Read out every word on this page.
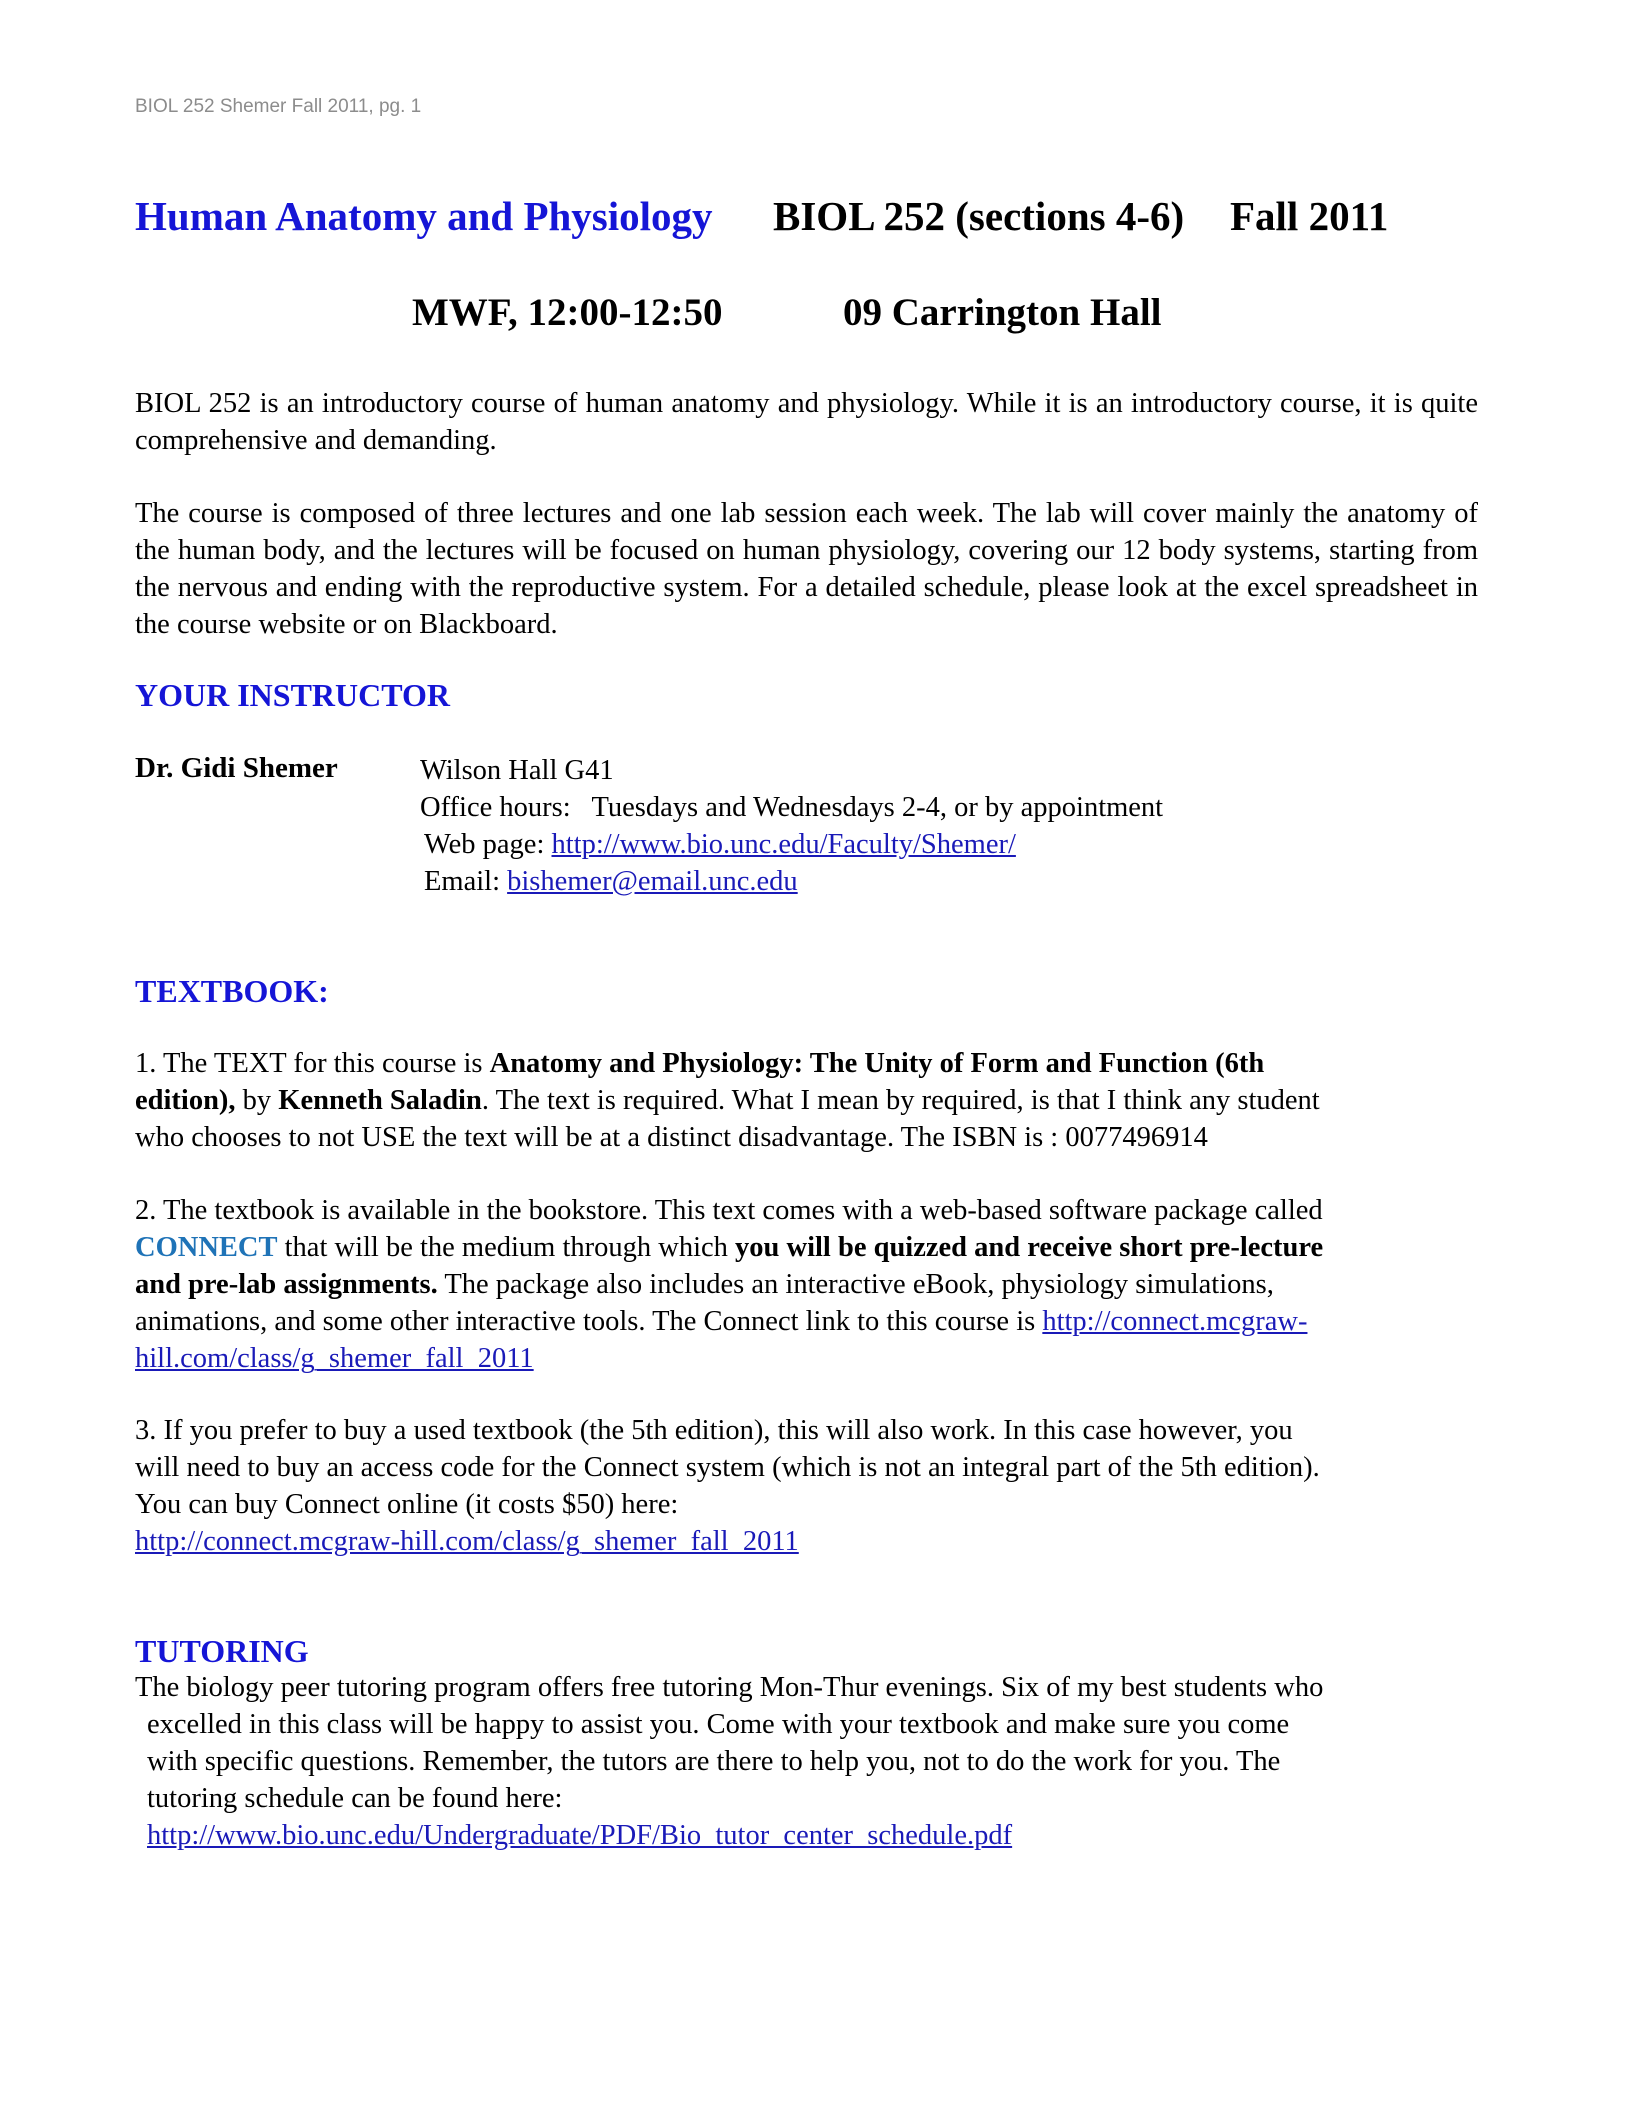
BIOL 252 Shemer Fall 2011, pg. 1
Human Anatomy and Physiology BIOL 252 (sections 4-6) Fall 2011
MWF, 12:00-12:50	09 Carrington Hall
BIOL 252 is an introductory course of human anatomy and physiology. While it is an introductory course, it is quite comprehensive and demanding.
The course is composed of three lectures and one lab session each week. The lab will cover mainly the anatomy of the human body, and the lectures will be focused on human physiology, covering our 12 body systems, starting from the nervous and ending with the reproductive system. For a detailed schedule, please look at the excel spreadsheet in the course website or on Blackboard.
YOUR INSTRUCTOR
Dr. Gidi Shemer	Wilson Hall G41
Office hours:   Tuesdays and Wednesdays 2-4, or by appointment
Web page: http://www.bio.unc.edu/Faculty/Shemer/
Email: bishemer@email.unc.edu
TEXTBOOK:
1. The TEXT for this course is Anatomy and Physiology: The Unity of Form and Function (6th
edition), by Kenneth Saladin. The text is required. What I mean by required, is that I think any student
who chooses to not USE the text will be at a distinct disadvantage. The ISBN is : 0077496914
2. The textbook is available in the bookstore. This text comes with a web-based software package called
CONNECT that will be the medium through which you will be quizzed and receive short pre-lecture
and pre-lab assignments. The package also includes an interactive eBook, physiology simulations,
animations, and some other interactive tools. The Connect link to this course is http://connect.mcgraw-
hill.com/class/g_shemer_fall_2011
3. If you prefer to buy a used textbook (the 5th edition), this will also work. In this case however, you
will need to buy an access code for the Connect system (which is not an integral part of the 5th edition).
You can buy Connect online (it costs $50) here:
http://connect.mcgraw-hill.com/class/g_shemer_fall_2011
TUTORING
The biology peer tutoring program offers free tutoring Mon-Thur evenings. Six of my best students who
excelled in this class will be happy to assist you. Come with your textbook and make sure you come
with specific questions. Remember, the tutors are there to help you, not to do the work for you. The
tutoring schedule can be found here:
http://www.bio.unc.edu/Undergraduate/PDF/Bio_tutor_center_schedule.pdf
